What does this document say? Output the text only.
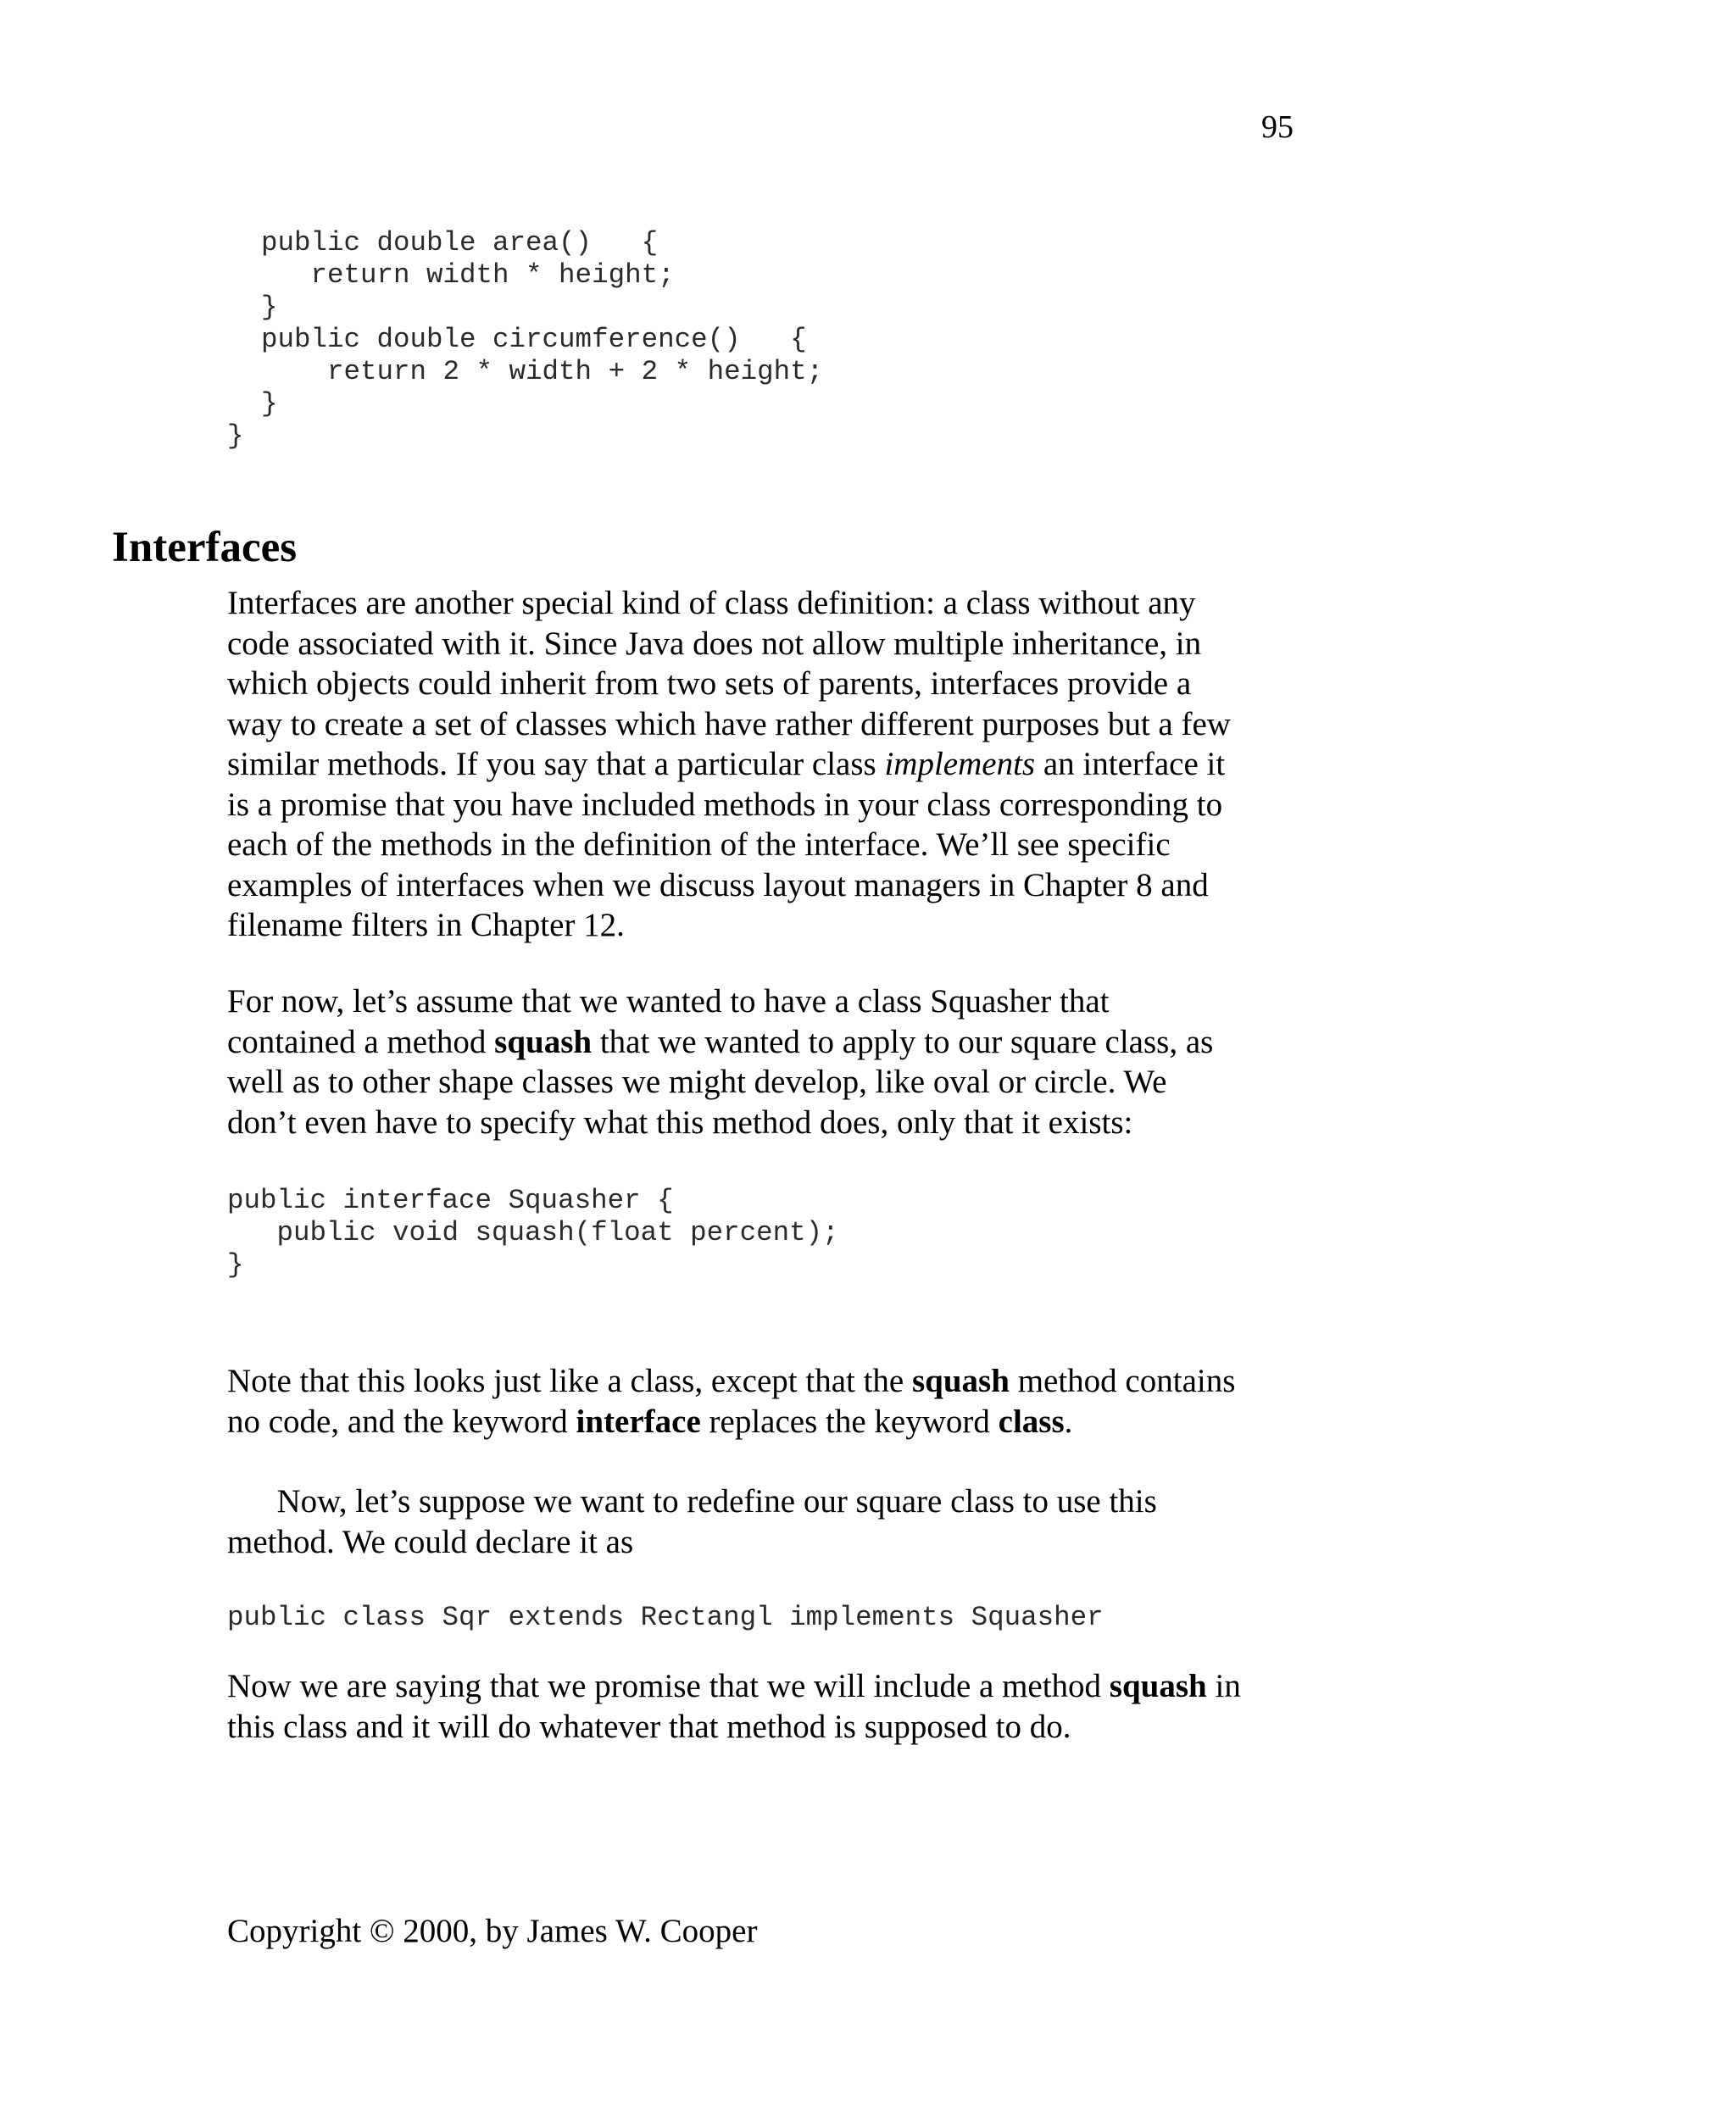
95
public double area()   {
return width * height;
}
public double circumference()   {
return 2 * width + 2 * height;
}
}
Interfaces
Interfaces are another special kind of class definition: a class without any
code associated with it. Since Java does not allow multiple inheritance, in
which objects could inherit from two sets of parents, interfaces provide a
way to create a set of classes which have rather different purposes but a few
similar methods. If you say that a particular class implements an interface it
is a promise that you have included methods in your class corresponding to
each of the methods in the definition of the interface. We’ll see specific
examples of interfaces when we discuss layout managers in Chapter 8 and
filename filters in Chapter 12.
For now, let’s assume that we wanted to have a class Squasher that
contained a method squash that we wanted to apply to our square class, as
well as to other shape classes we might develop, like oval or circle. We
don’t even have to specify what this method does, only that it exists:
public interface Squasher {
public void squash(float percent);
}
Note that this looks just like a class, except that the squash method contains
no code, and the keyword interface replaces the keyword class.
Now, let’s suppose we want to redefine our square class to use this
method. We could declare it as
public class Sqr extends Rectangl implements Squasher
Now we are saying that we promise that we will include a method squash in
this class and it will do whatever that method is supposed to do.
Copyright © 2000, by James W. Cooper
